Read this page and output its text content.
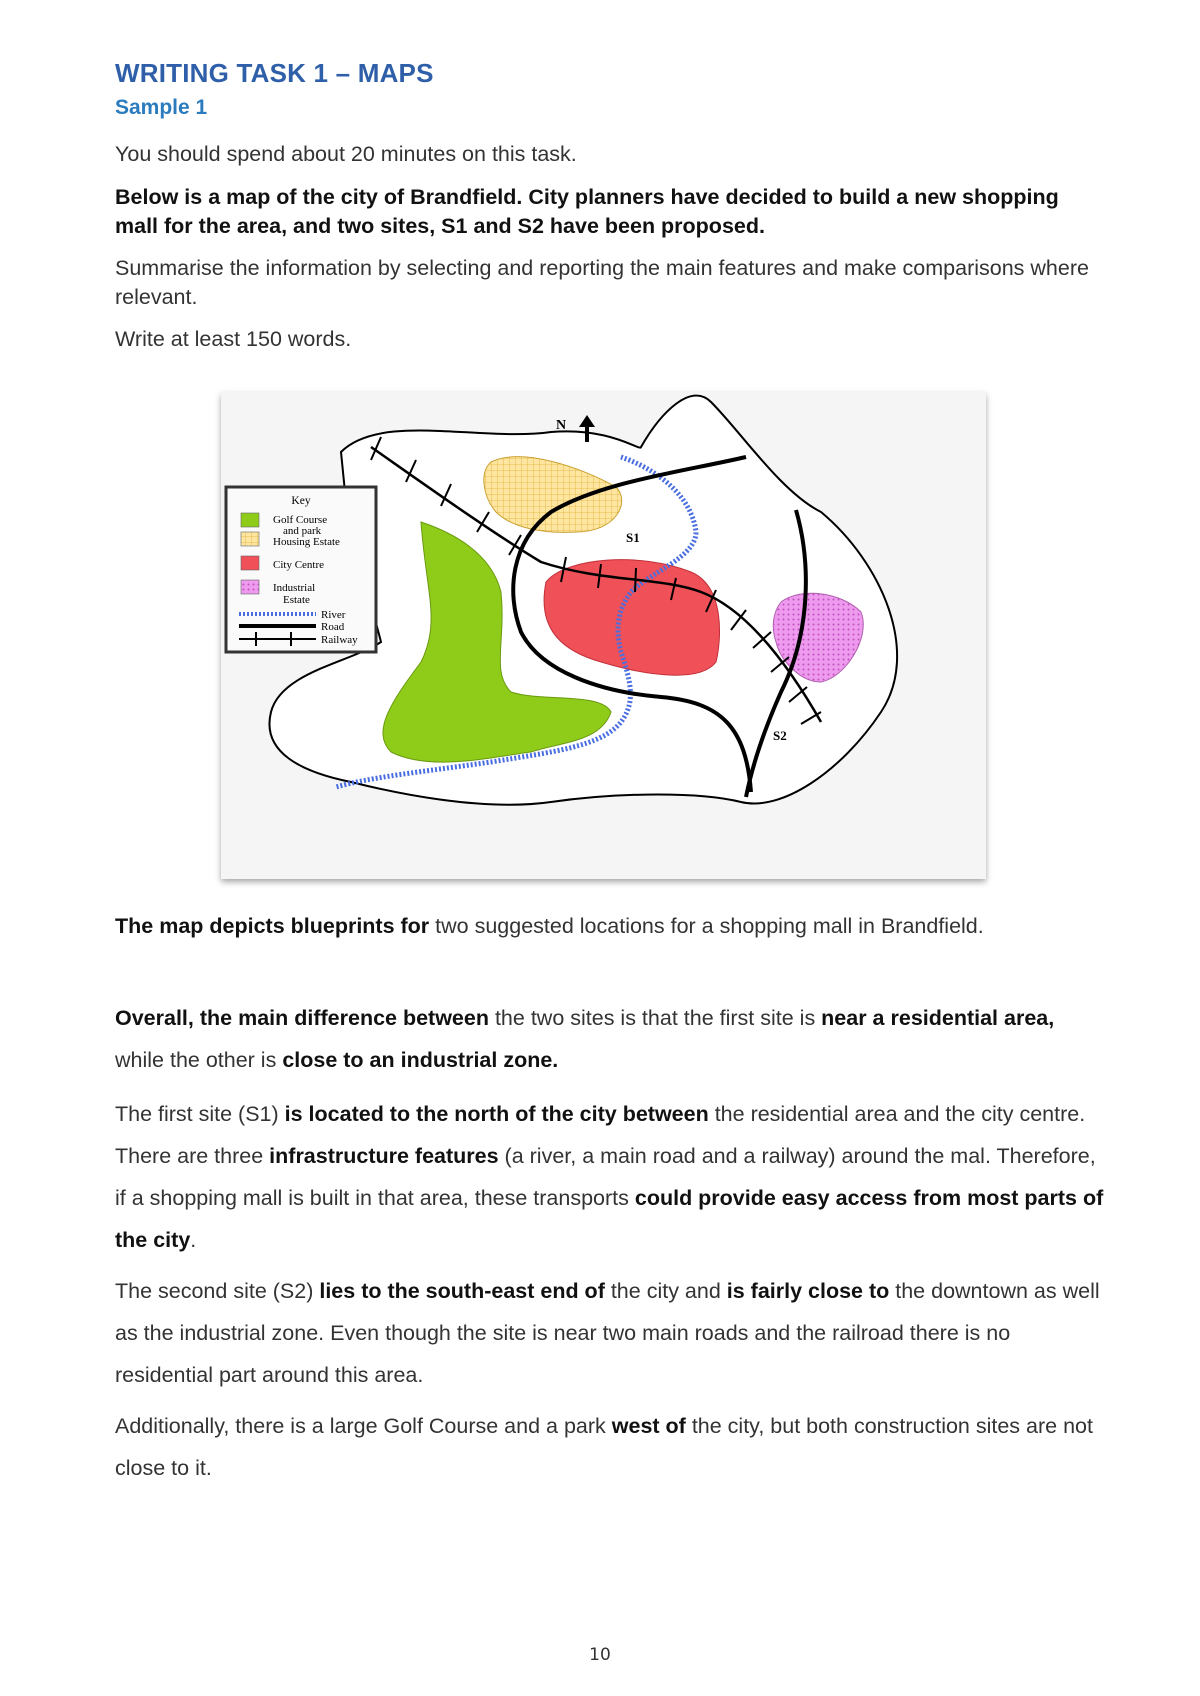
WRITING TASK 1 – MAPS
Sample 1
You should spend about 20 minutes on this task.
Below is a map of the city of Brandfield. City planners have decided to build a new shopping mall for the area, and two sites, S1 and S2 have been proposed.
Summarise the information by selecting and reporting the main features and make comparisons where relevant.
Write at least 150 words.
N
S1
S2
Key
Golf Course
and park
Housing Estate
City Centre
Industrial
Estate
River
Road
Railway
The map depicts blueprints for two suggested locations for a shopping mall in Brandfield.
Overall, the main difference between the two sites is that the first site is near a residential area, while the other is close to an industrial zone.
The first site (S1) is located to the north of the city between the residential area and the city centre. There are three infrastructure features (a river, a main road and a railway) around the mal. Therefore, if a shopping mall is built in that area, these transports could provide easy access from most parts of the city.
The second site (S2) lies to the south-east end of the city and is fairly close to the downtown as well as the industrial zone. Even though the site is near two main roads and the railroad there is no residential part around this area.
Additionally, there is a large Golf Course and a park west of the city, but both construction sites are not close to it.
10
